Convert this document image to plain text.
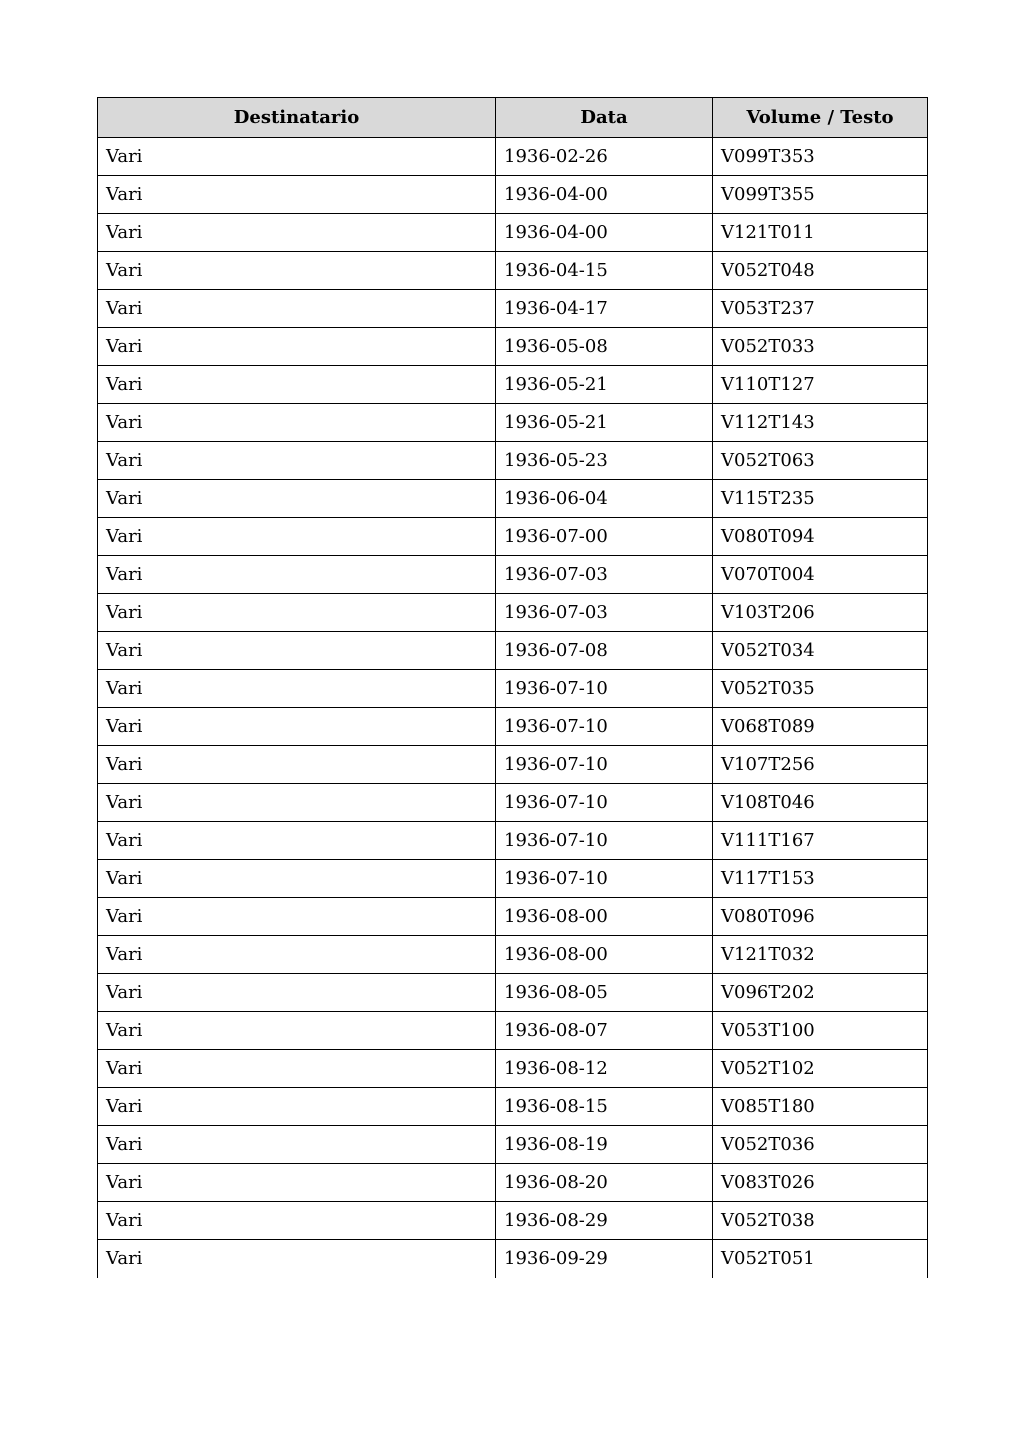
Destinatario	Data	Volume / Testo
Vari	1936-02-26	V099T353
Vari	1936-04-00	V099T355
Vari	1936-04-00	V121T011
Vari	1936-04-15	V052T048
Vari	1936-04-17	V053T237
Vari	1936-05-08	V052T033
Vari	1936-05-21	V110T127
Vari	1936-05-21	V112T143
Vari	1936-05-23	V052T063
Vari	1936-06-04	V115T235
Vari	1936-07-00	V080T094
Vari	1936-07-03	V070T004
Vari	1936-07-03	V103T206
Vari	1936-07-08	V052T034
Vari	1936-07-10	V052T035
Vari	1936-07-10	V068T089
Vari	1936-07-10	V107T256
Vari	1936-07-10	V108T046
Vari	1936-07-10	V111T167
Vari	1936-07-10	V117T153
Vari	1936-08-00	V080T096
Vari	1936-08-00	V121T032
Vari	1936-08-05	V096T202
Vari	1936-08-07	V053T100
Vari	1936-08-12	V052T102
Vari	1936-08-15	V085T180
Vari	1936-08-19	V052T036
Vari	1936-08-20	V083T026
Vari	1936-08-29	V052T038
Vari	1936-09-29	V052T051
